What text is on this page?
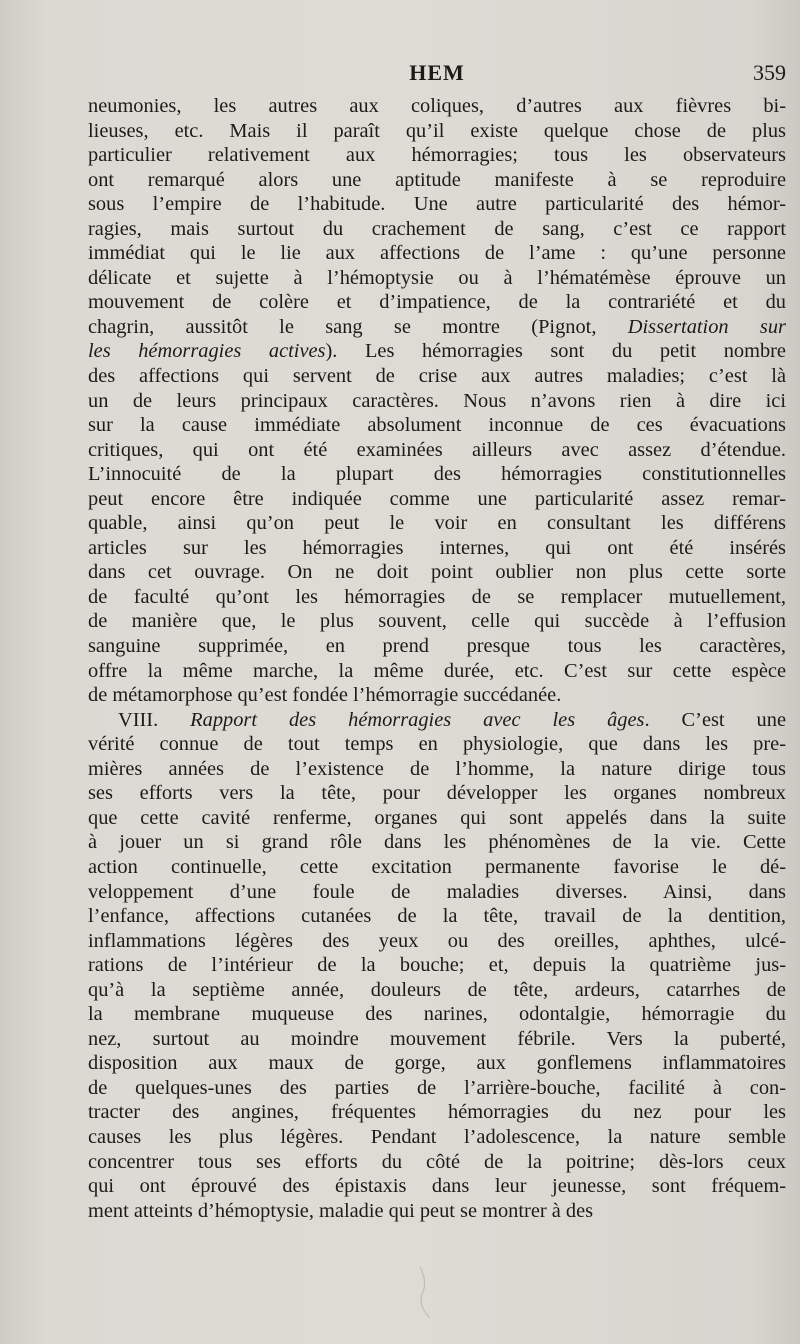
HEM	359
neumonies, les autres aux coliques, d’autres aux fièvres bi-
lieuses, etc. Mais il paraît qu’il existe quelque chose de plus
particulier relativement aux hémorragies; tous les observateurs
ont remarqué alors une aptitude manifeste à se reproduire
sous l’empire de l’habitude. Une autre particularité des hémor-
ragies, mais surtout du crachement de sang, c’est ce rapport
immédiat qui le lie aux affections de l’ame : qu’une personne
délicate et sujette à l’hémoptysie ou à l’hématémèse éprouve un
mouvement de colère et d’impatience, de la contrariété et du
chagrin, aussitôt le sang se montre (Pignot, Dissertation sur
les hémorragies actives). Les hémorragies sont du petit nombre
des affections qui servent de crise aux autres maladies; c’est là
un de leurs principaux caractères. Nous n’avons rien à dire ici
sur la cause immédiate absolument inconnue de ces évacuations
critiques, qui ont été examinées ailleurs avec assez d’étendue.
L’innocuité de la plupart des hémorragies constitutionnelles
peut encore être indiquée comme une particularité assez remar-
quable, ainsi qu’on peut le voir en consultant les différens
articles sur les hémorragies internes, qui ont été insérés
dans cet ouvrage. On ne doit point oublier non plus cette sorte
de faculté qu’ont les hémorragies de se remplacer mutuellement,
de manière que, le plus souvent, celle qui succède à l’effusion
sanguine supprimée, en prend presque tous les caractères,
offre la même marche, la même durée, etc. C’est sur cette espèce
de métamorphose qu’est fondée l’hémorragie succédanée.
VIII. Rapport des hémorragies avec les âges. C’est une
vérité connue de tout temps en physiologie, que dans les pre-
mières années de l’existence de l’homme, la nature dirige tous
ses efforts vers la tête, pour développer les organes nombreux
que cette cavité renferme, organes qui sont appelés dans la suite
à jouer un si grand rôle dans les phénomènes de la vie. Cette
action continuelle, cette excitation permanente favorise le dé-
veloppement d’une foule de maladies diverses. Ainsi, dans
l’enfance, affections cutanées de la tête, travail de la dentition,
inflammations légères des yeux ou des oreilles, aphthes, ulcé-
rations de l’intérieur de la bouche; et, depuis la quatrième jus-
qu’à la septième année, douleurs de tête, ardeurs, catarrhes de
la membrane muqueuse des narines, odontalgie, hémorragie du
nez, surtout au moindre mouvement fébrile. Vers la puberté,
disposition aux maux de gorge, aux gonflemens inflammatoires
de quelques-unes des parties de l’arrière-bouche, facilité à con-
tracter des angines, fréquentes hémorragies du nez pour les
causes les plus légères. Pendant l’adolescence, la nature semble
concentrer tous ses efforts du côté de la poitrine; dès-lors ceux
qui ont éprouvé des épistaxis dans leur jeunesse, sont fréquem-
ment atteints d’hémoptysie, maladie qui peut se montrer à des
